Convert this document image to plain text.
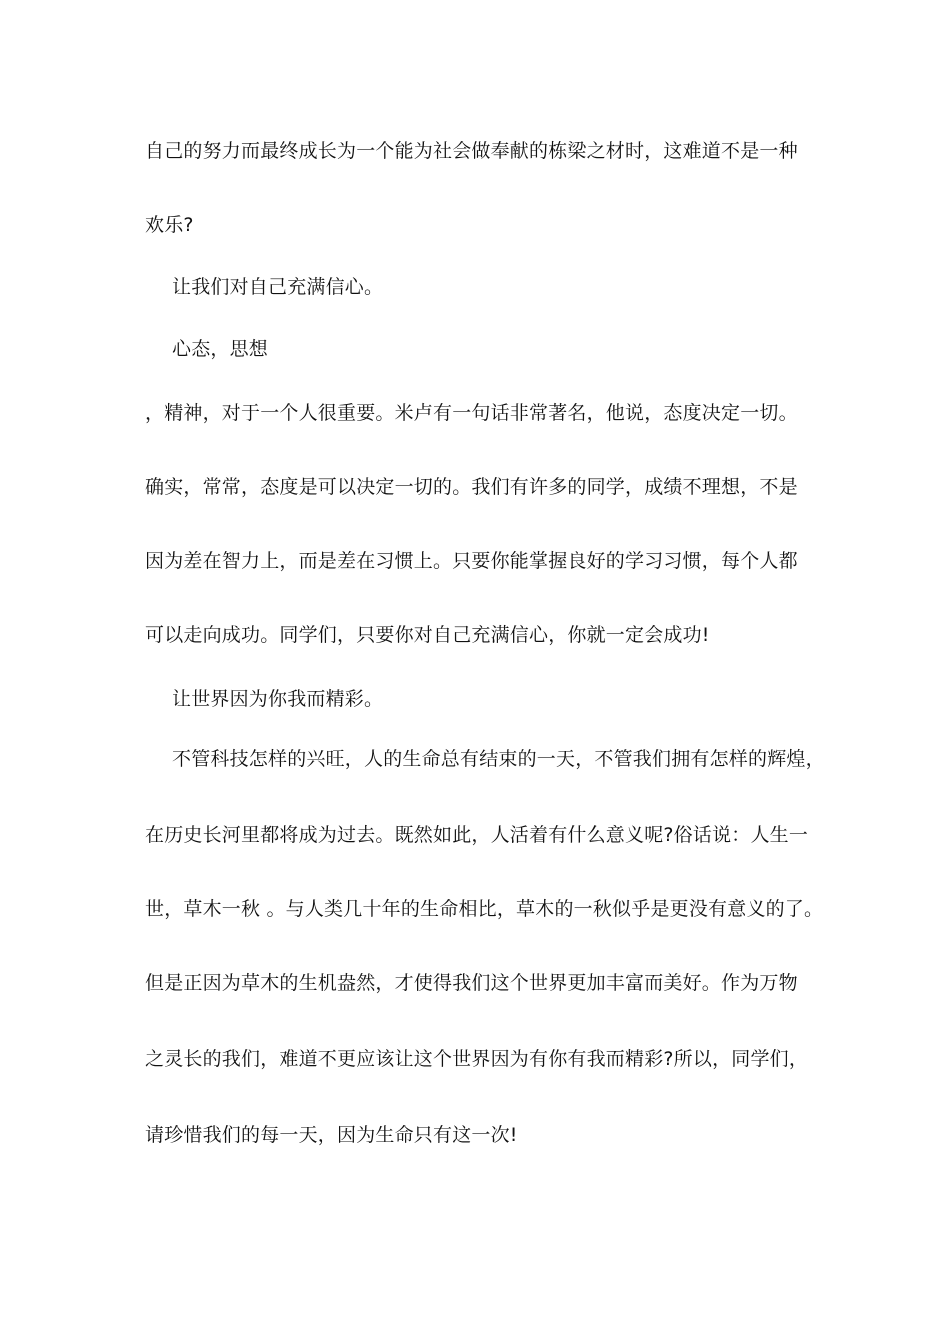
自己的努力而最终成长为一个能为社会做奉献的栋梁之材时，这难道不是一种
欢乐?
让我们对自己充满信心。
心态，思想
，精神，对于一个人很重要。米卢有一句话非常著名，他说，态度决定一切。
确实，常常，态度是可以决定一切的。我们有许多的同学，成绩不理想，不是
因为差在智力上，而是差在习惯上。只要你能掌握良好的学习习惯，每个人都
可以走向成功。同学们，只要你对自己充满信心，你就一定会成功!
让世界因为你我而精彩。
不管科技怎样的兴旺，人的生命总有结束的一天，不管我们拥有怎样的辉煌，
在历史长河里都将成为过去。既然如此，人活着有什么意义呢?俗话说：人生一
世，草木一秋 。与人类几十年的生命相比，草木的一秋似乎是更没有意义的了。
但是正因为草木的生机盎然，才使得我们这个世界更加丰富而美好。作为万物
之灵长的我们，难道不更应该让这个世界因为有你有我而精彩?所以，同学们，
请珍惜我们的每一天，因为生命只有这一次!
